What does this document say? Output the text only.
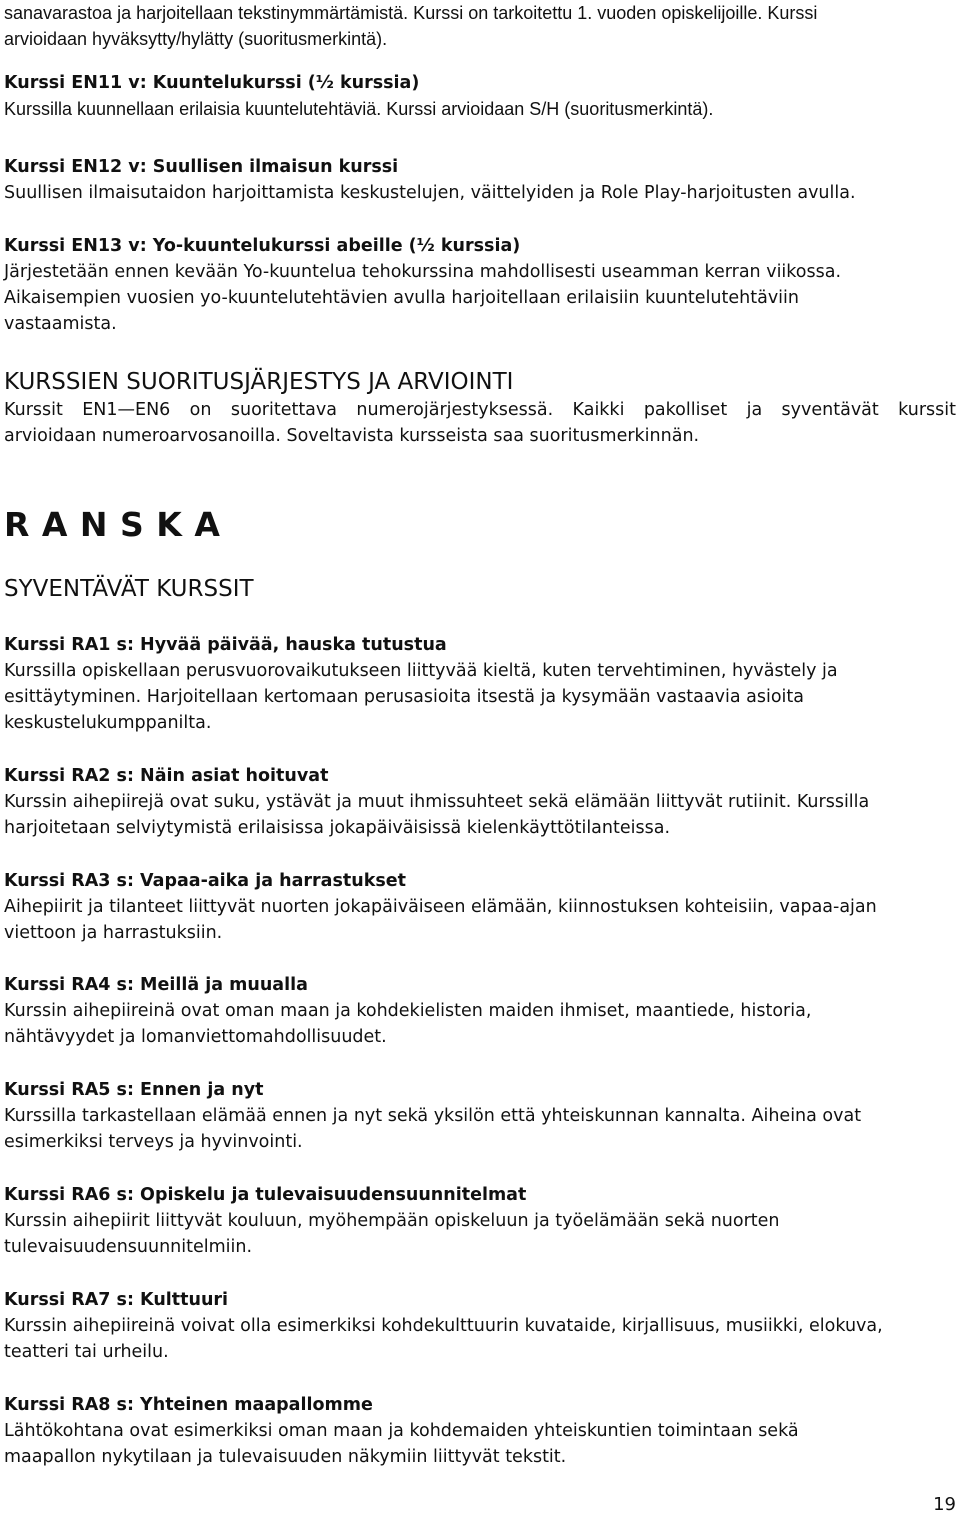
sanavarastoa ja harjoitellaan tekstinymmärtämistä. Kurssi on tarkoitettu 1. vuoden opiskelijoille. Kurssi
arvioidaan hyväksytty/hylätty (suoritusmerkintä).
Kurssi EN11 v: Kuuntelukurssi (½ kurssia)
Kurssilla kuunnellaan erilaisia kuuntelutehtäviä. Kurssi arvioidaan S/H (suoritusmerkintä).
Kurssi EN12 v: Suullisen ilmaisun kurssi
Suullisen ilmaisutaidon harjoittamista keskustelujen, väittelyiden ja Role Play-harjoitusten avulla.
Kurssi EN13 v: Yo-kuuntelukurssi abeille (½ kurssia)
Järjestetään ennen kevään Yo-kuuntelua tehokurssina mahdollisesti useamman kerran viikossa.
Aikaisempien vuosien yo-kuuntelutehtävien avulla harjoitellaan erilaisiin kuuntelutehtäviin
vastaamista.
KURSSIEN SUORITUSJÄRJESTYS JA ARVIOINTI
Kurssit EN1—EN6 on suoritettava numerojärjestyksessä. Kaikki pakolliset ja syventävät kurssit
arvioidaan numeroarvosanoilla. Soveltavista kursseista saa suoritusmerkinnän.
R A N S K A
SYVENTÄVÄT KURSSIT
Kurssi RA1 s: Hyvää päivää, hauska tutustua
Kurssilla opiskellaan perusvuorovaikutukseen liittyvää kieltä, kuten tervehtiminen, hyvästely ja
esittäytyminen. Harjoitellaan kertomaan perusasioita itsestä ja kysymään vastaavia asioita
keskustelukumppanilta.
Kurssi RA2 s: Näin asiat hoituvat
Kurssin aihepiirejä ovat suku, ystävät ja muut ihmissuhteet sekä elämään liittyvät rutiinit. Kurssilla
harjoitetaan selviytymistä erilaisissa jokapäiväisissä kielenkäyttötilanteissa.
Kurssi RA3 s: Vapaa-aika ja harrastukset
Aihepiirit ja tilanteet liittyvät nuorten jokapäiväiseen elämään, kiinnostuksen kohteisiin, vapaa-ajan
viettoon ja harrastuksiin.
Kurssi RA4 s: Meillä ja muualla
Kurssin aihepiireinä ovat oman maan ja kohdekielisten maiden ihmiset, maantiede, historia,
nähtävyydet ja lomanviettomahdollisuudet.
Kurssi RA5 s: Ennen ja nyt
Kurssilla tarkastellaan elämää ennen ja nyt sekä yksilön että yhteiskunnan kannalta. Aiheina ovat
esimerkiksi terveys ja hyvinvointi.
Kurssi RA6 s: Opiskelu ja tulevaisuudensuunnitelmat
Kurssin aihepiirit liittyvät kouluun, myöhempään opiskeluun ja työelämään sekä nuorten
tulevaisuudensuunnitelmiin.
Kurssi RA7 s: Kulttuuri
Kurssin aihepiireinä voivat olla esimerkiksi kohdekulttuurin kuvataide, kirjallisuus, musiikki, elokuva,
teatteri tai urheilu.
Kurssi RA8 s: Yhteinen maapallomme
Lähtökohtana ovat esimerkiksi oman maan ja kohdemaiden yhteiskuntien toimintaan sekä
maapallon nykytilaan ja tulevaisuuden näkymiin liittyvät tekstit.
19
